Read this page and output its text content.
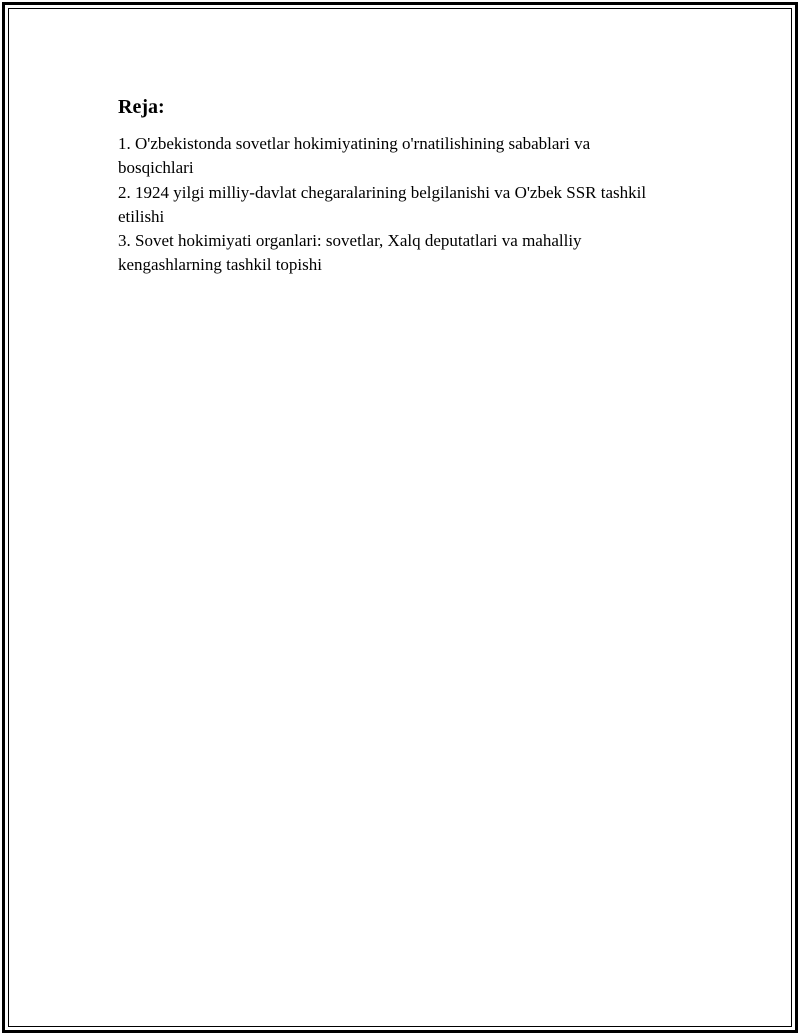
Reja:
1. O'zbekistonda sovetlar hokimiyatining o'rnatilishining sabablari va bosqichlari
2. 1924 yilgi milliy-davlat chegaralarining belgilanishi va O'zbek SSR tashkil etilishi
3. Sovet hokimiyati organlari: sovetlar, Xalq deputatlari va mahalliy kengashlarning tashkil topishi
